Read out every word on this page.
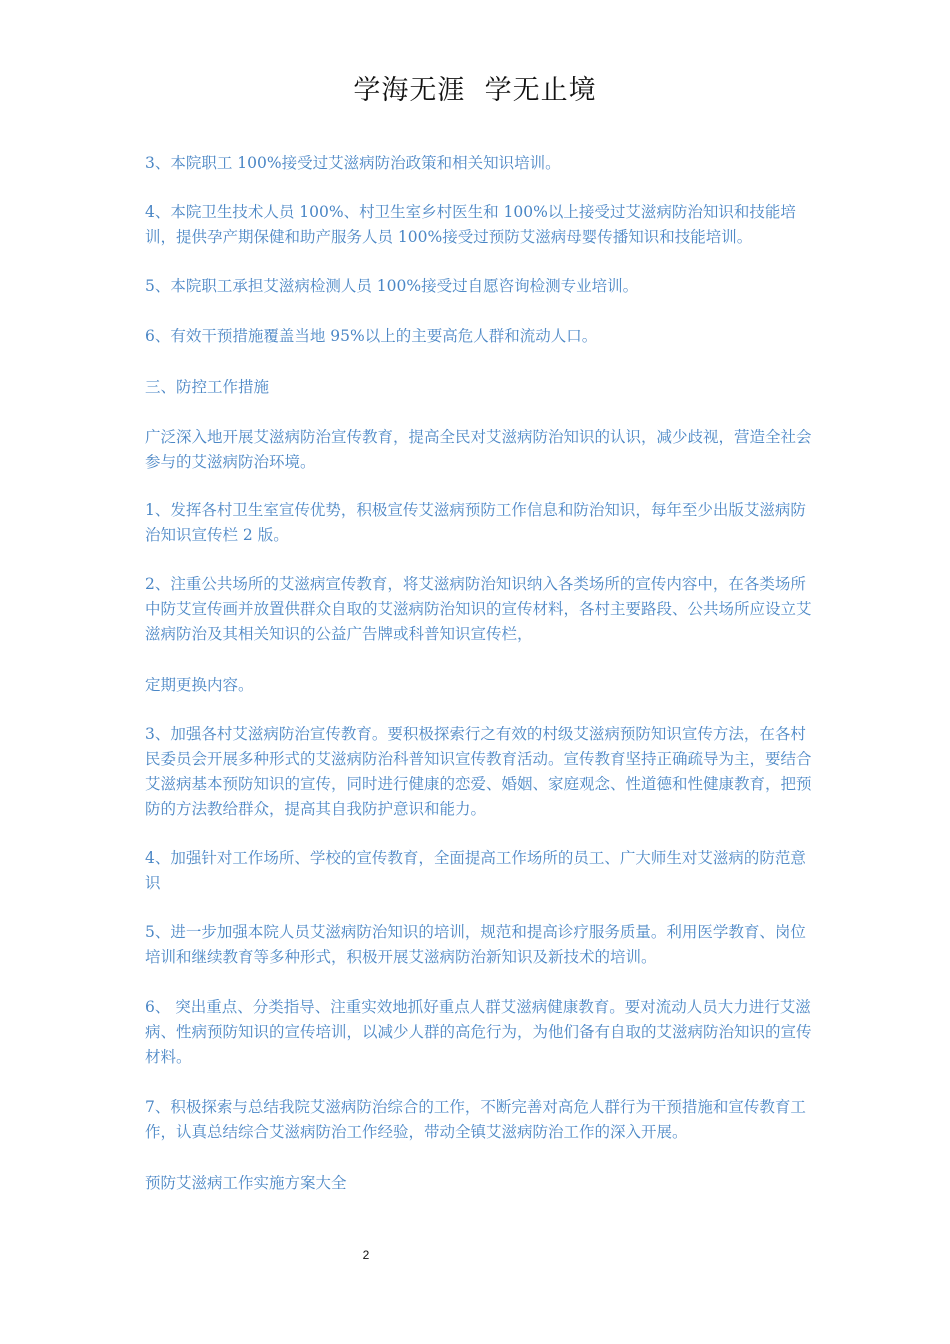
学海无涯  学无止境

3、本院职工 100%接受过艾滋病防治政策和相关知识培训。

4、本院卫生技术人员 100%、村卫生室乡村医生和 100%以上接受过艾滋病防治知识和技能培训，提供孕产期保健和助产服务人员 100%接受过预防艾滋病母婴传播知识和技能培训。

5、本院职工承担艾滋病检测人员 100%接受过自愿咨询检测专业培训。

6、有效干预措施覆盖当地 95%以上的主要高危人群和流动人口。

三、防控工作措施

广泛深入地开展艾滋病防治宣传教育，提高全民对艾滋病防治知识的认识，减少歧视，营造全社会参与的艾滋病防治环境。

1、发挥各村卫生室宣传优势，积极宣传艾滋病预防工作信息和防治知识，每年至少出版艾滋病防治知识宣传栏 2 版。

2、注重公共场所的艾滋病宣传教育，将艾滋病防治知识纳入各类场所的宣传内容中，在各类场所中防艾宣传画并放置供群众自取的艾滋病防治知识的宣传材料，各村主要路段、公共场所应设立艾滋病防治及其相关知识的公益广告牌或科普知识宣传栏，

定期更换内容。

3、加强各村艾滋病防治宣传教育。要积极探索行之有效的村级艾滋病预防知识宣传方法，在各村民委员会开展多种形式的艾滋病防治科普知识宣传教育活动。宣传教育坚持正确疏导为主，要结合艾滋病基本预防知识的宣传，同时进行健康的恋爱、婚姻、家庭观念、性道德和性健康教育，把预防的方法教给群众，提高其自我防护意识和能力。

4、加强针对工作场所、学校的宣传教育，全面提高工作场所的员工、广大师生对艾滋病的防范意识

5、进一步加强本院人员艾滋病防治知识的培训，规范和提高诊疗服务质量。利用医学教育、岗位培训和继续教育等多种形式，积极开展艾滋病防治新知识及新技术的培训。

6、 突出重点、分类指导、注重实效地抓好重点人群艾滋病健康教育。要对流动人员大力进行艾滋病、性病预防知识的宣传培训，以减少人群的高危行为，为他们备有自取的艾滋病防治知识的宣传材料。

7、积极探索与总结我院艾滋病防治综合的工作，不断完善对高危人群行为干预措施和宣传教育工作，认真总结综合艾滋病防治工作经验，带动全镇艾滋病防治工作的深入开展。

预防艾滋病工作实施方案大全

2
